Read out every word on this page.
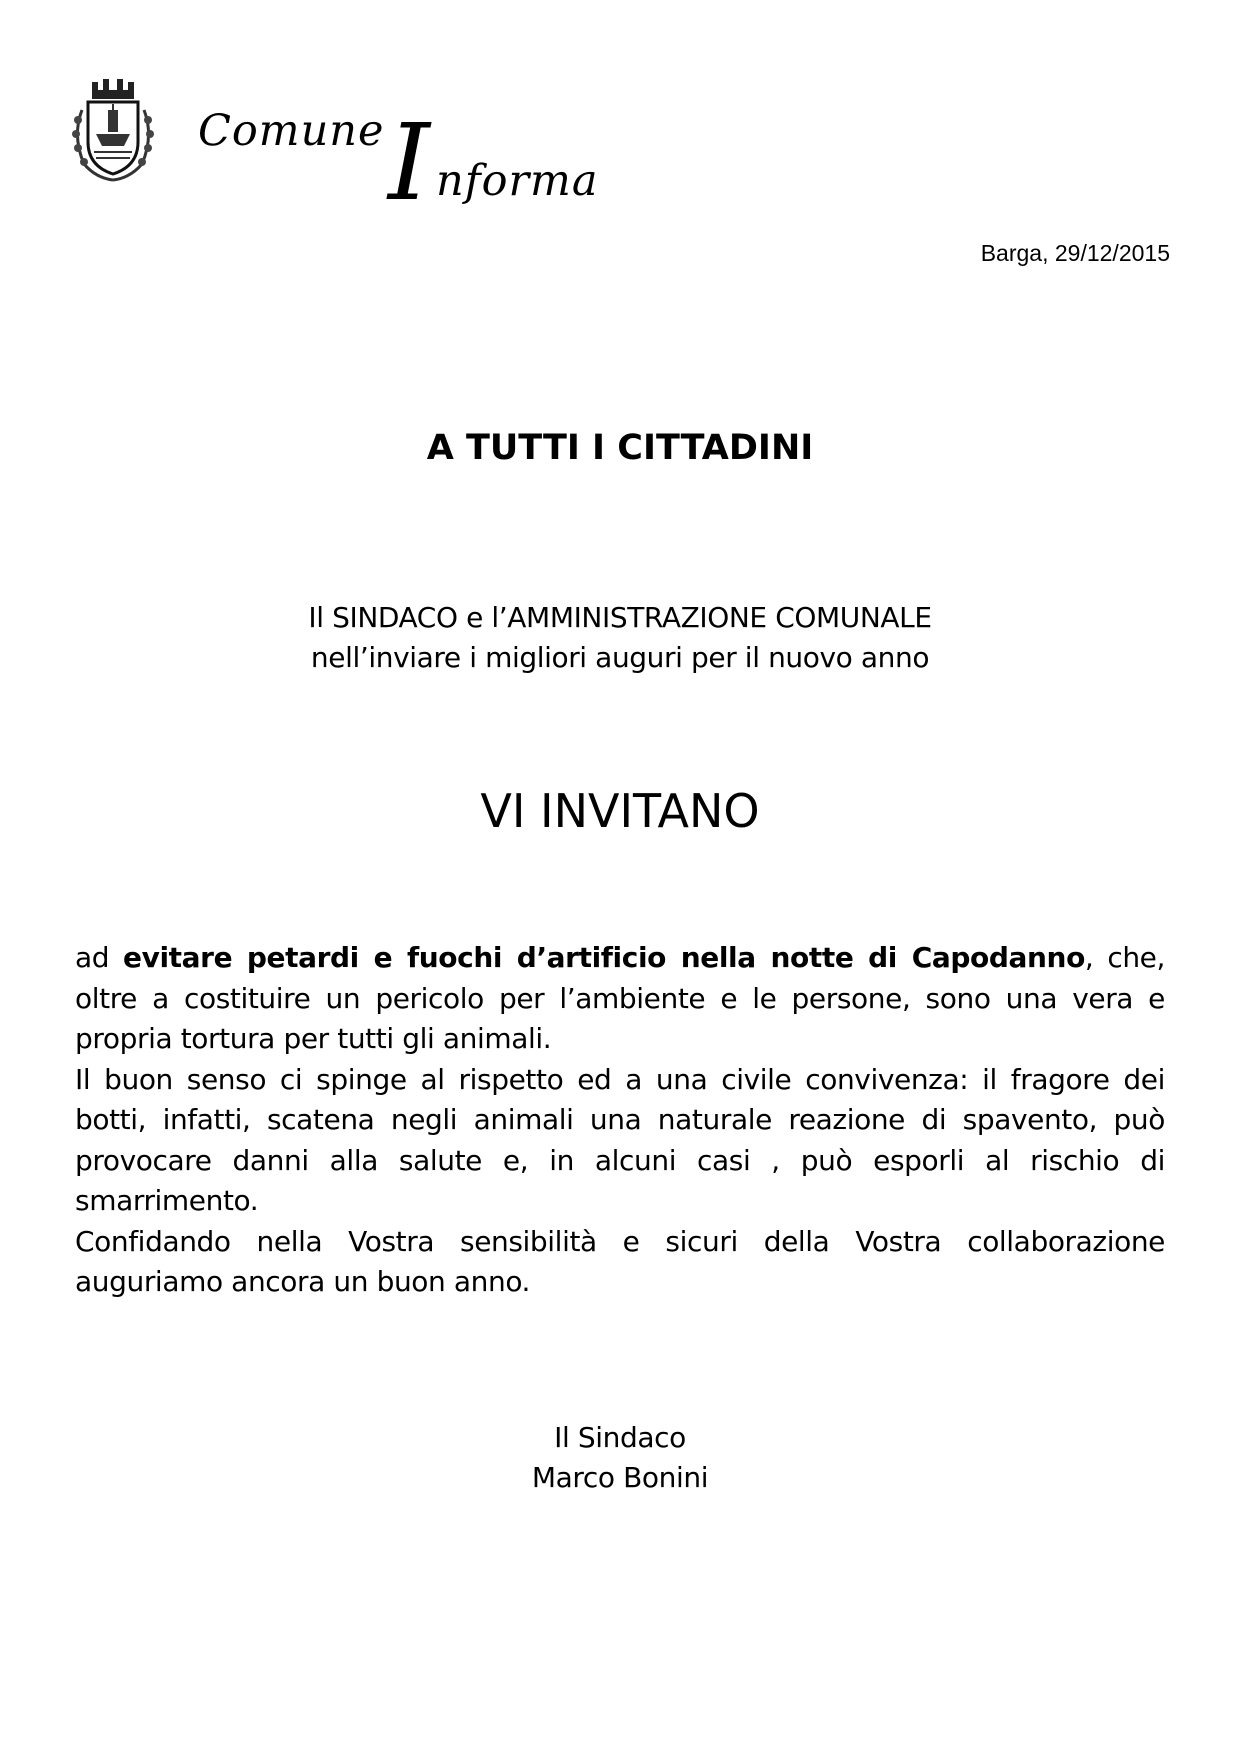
Comune I nforma
Barga, 29/12/2015
A TUTTI I CITTADINI
Il SINDACO e l’AMMINISTRAZIONE COMUNALE
nell’inviare i migliori auguri per il nuovo anno
VI INVITANO

ad evitare petardi e fuochi d’artificio nella notte di Capodanno, che, oltre a costituire un pericolo per l’ambiente e le persone, sono una vera e propria tortura per tutti gli animali.

Il buon senso ci spinge al rispetto ed a una civile convivenza: il fragore dei botti, infatti, scatena negli animali una naturale reazione di spavento, può provocare danni alla salute e, in alcuni casi , può esporli al rischio di smarrimento.

Confidando nella Vostra sensibilità e sicuri della Vostra collaborazione auguriamo ancora un buon anno.

Il Sindaco
Marco Bonini
